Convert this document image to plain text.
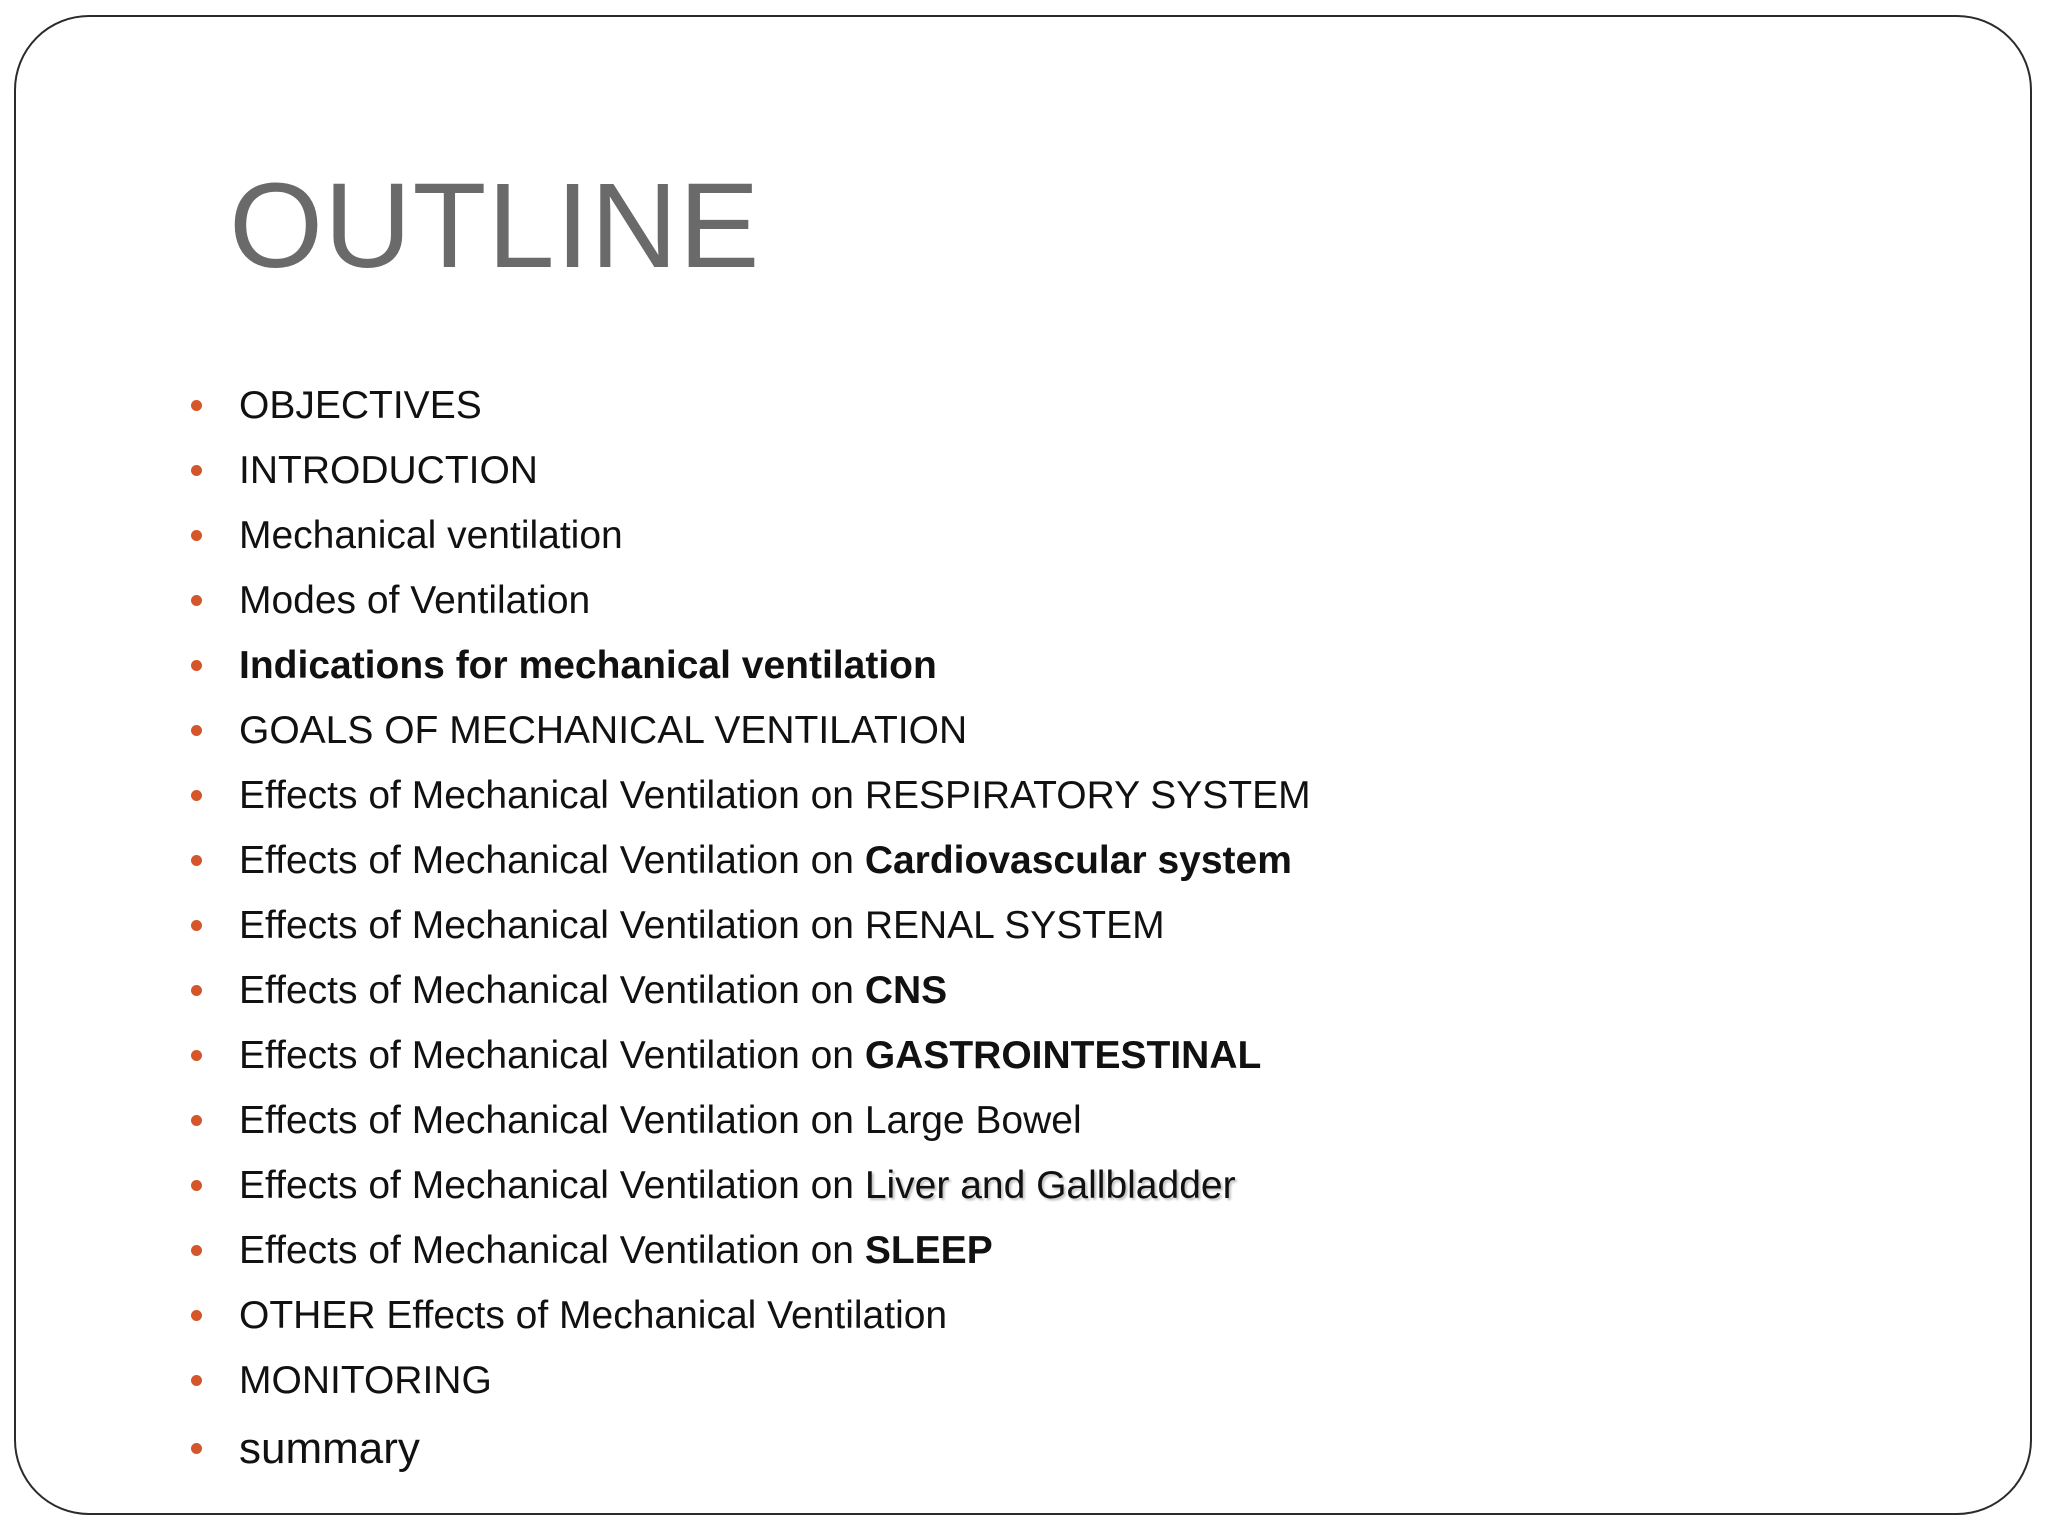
OUTLINE
OBJECTIVES
INTRODUCTION
Mechanical ventilation
Modes of Ventilation
Indications for mechanical ventilation
GOALS OF MECHANICAL VENTILATION
Effects of Mechanical Ventilation on RESPIRATORY SYSTEM
Effects of Mechanical Ventilation on Cardiovascular system
Effects of Mechanical Ventilation on RENAL SYSTEM
Effects of Mechanical Ventilation on CNS
Effects of Mechanical Ventilation on GASTROINTESTINAL
Effects of Mechanical Ventilation on Large Bowel
Effects of Mechanical Ventilation on Liver and Gallbladder
Effects of Mechanical Ventilation on SLEEP
OTHER Effects of Mechanical Ventilation
MONITORING
summary
